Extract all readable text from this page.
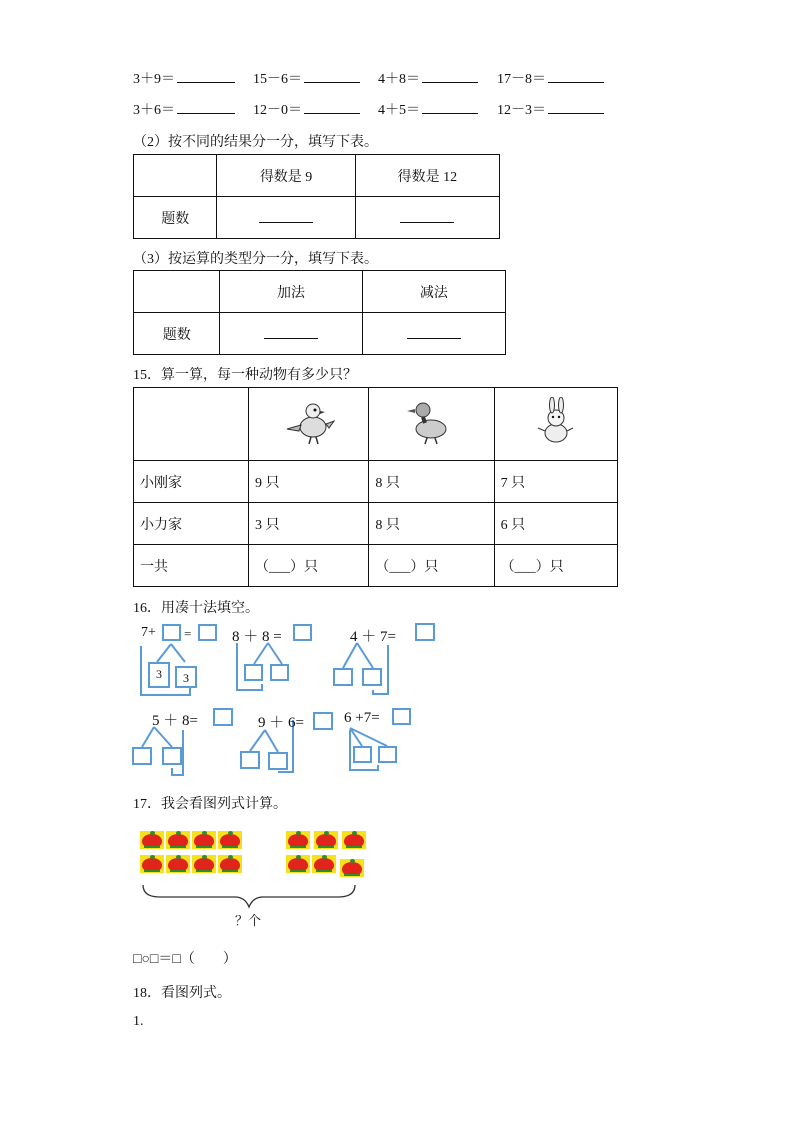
3＋9＝	15－6＝	4＋8＝	17－8＝
3＋6＝	12－0＝	4＋5＝	12－3＝
（2）按不同的结果分一分，填写下表。
	得数是 9	得数是 12
题数		
（3）按运算的类型分一分，填写下表。
	加法	减法
题数		
15．算一算，每一种动物有多少只？

小刚家	9 只	8 只	7 只
小力家	3 只	8 只	6 只
一共	（___）只	（___）只	（___）只
16．用凑十法填空。
7+ =
3	3
8 ＋ 8 =	4 ＋ 7=
5 ＋ 8=	9 ＋ 6=	6 +7=
17．我会看图列式计算。
？个
□○□＝□（　　）
18．看图列式。
1.
